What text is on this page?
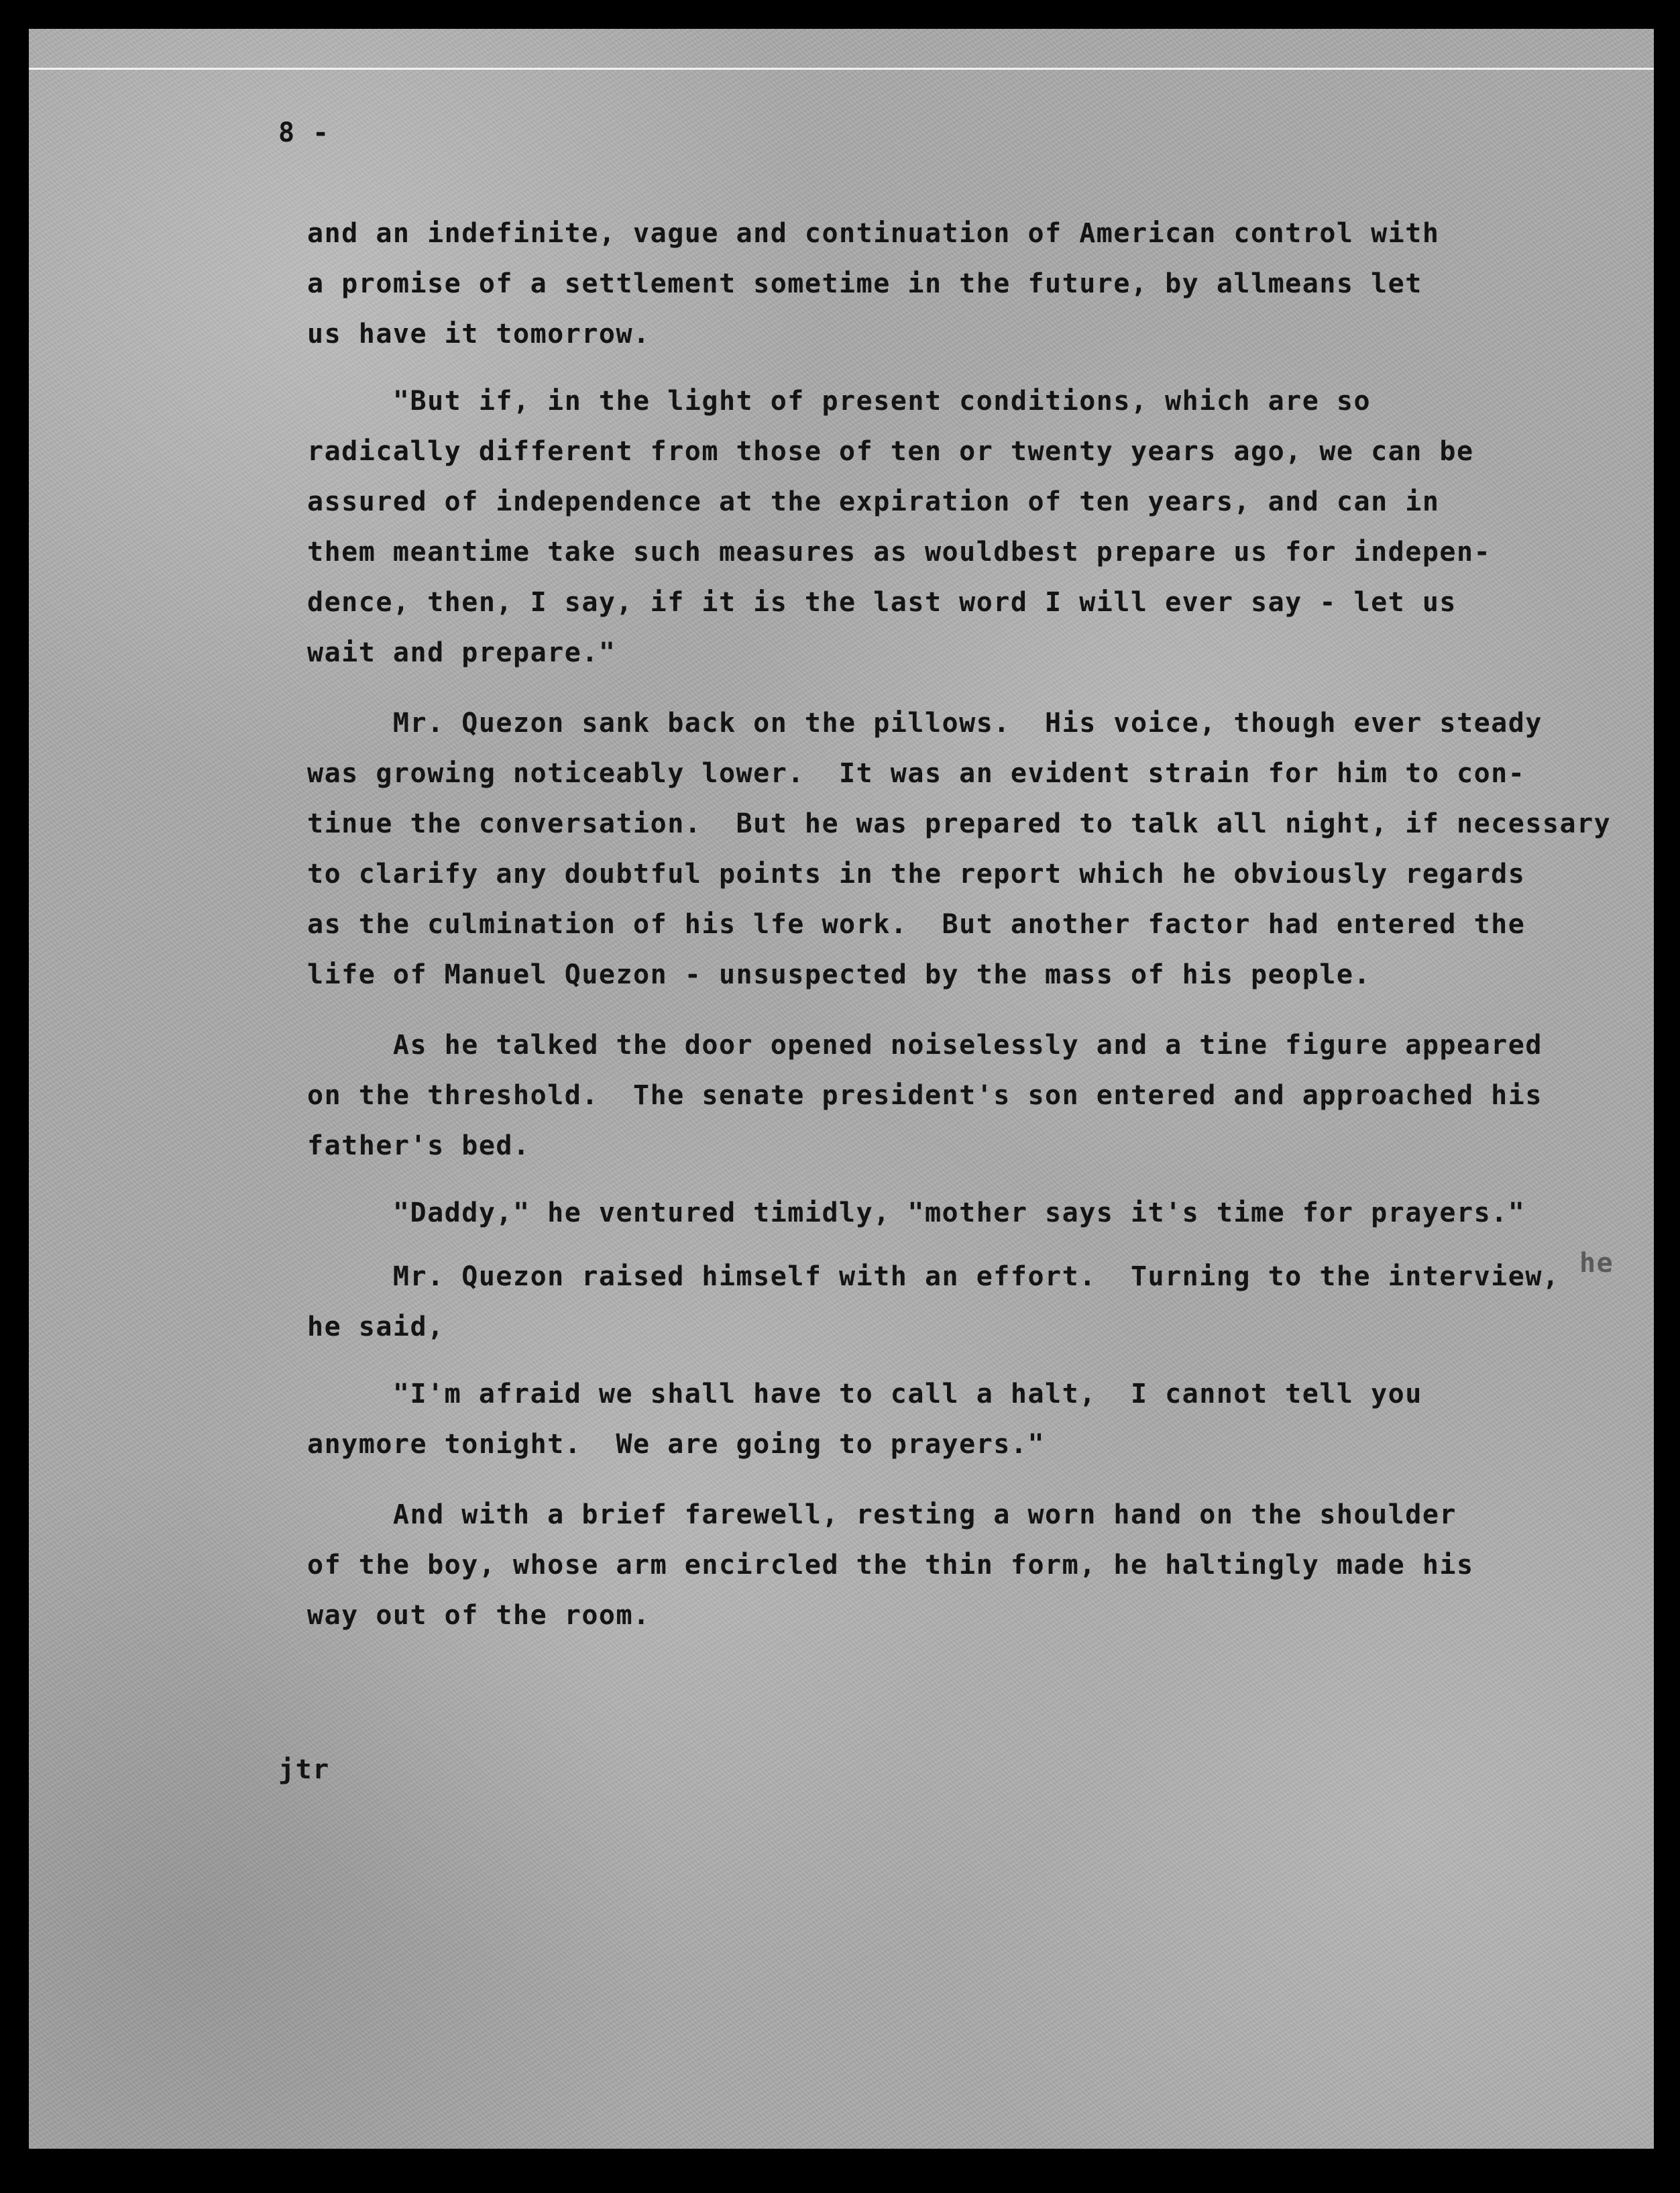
8 -
and an indefinite, vague and continuation of American control with
a promise of a settlement sometime in the future, by allmeans let
us have it tomorrow.
"But if, in the light of present conditions, which are so
radically different from those of ten or twenty years ago, we can be
assured of independence at the expiration of ten years, and can in
them meantime take such measures as wouldbest prepare us for indepen-
dence, then, I say, if it is the last word I will ever say - let us
wait and prepare."
Mr. Quezon sank back on the pillows.  His voice, though ever steady
was growing noticeably lower.  It was an evident strain for him to con-
tinue the conversation.  But he was prepared to talk all night, if necessary
to clarify any doubtful points in the report which he obviously regards
as the culmination of his lfe work.  But another factor had entered the
life of Manuel Quezon - unsuspected by the mass of his people.
As he talked the door opened noiselessly and a tine figure appeared
on the threshold.  The senate president's son entered and approached his
father's bed.
"Daddy," he ventured timidly, "mother says it's time for prayers."
Mr. Quezon raised himself with an effort.  Turning to the interview, he
he said,
"I'm afraid we shall have to call a halt,  I cannot tell you
anymore tonight.  We are going to prayers."
And with a brief farewell, resting a worn hand on the shoulder
of the boy, whose arm encircled the thin form, he haltingly made his
way out of the room.
jtr
